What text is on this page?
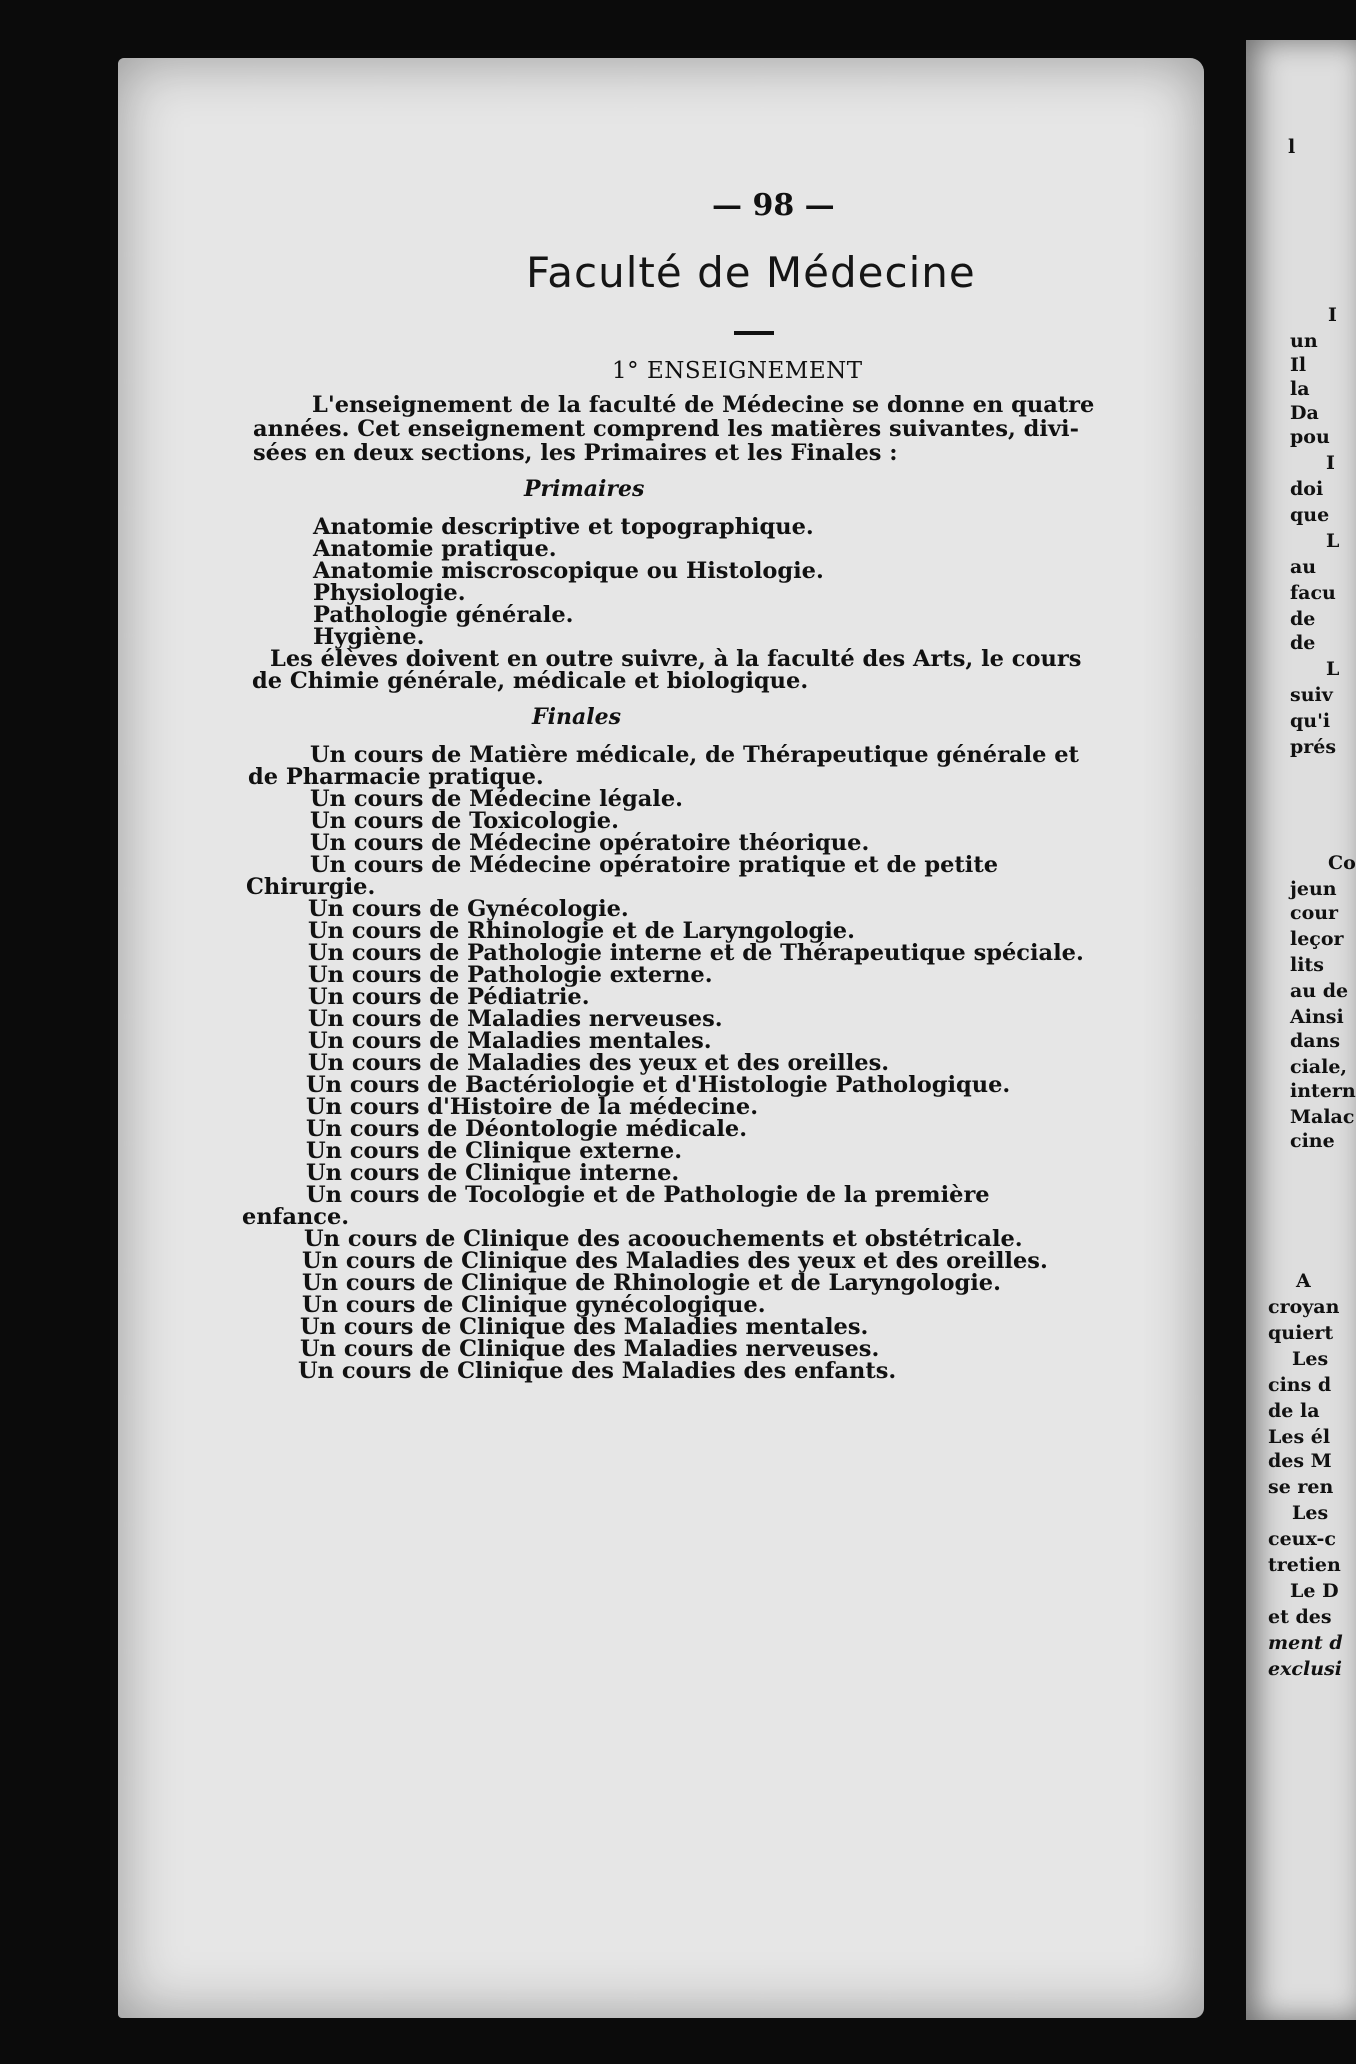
— 98 —
Faculté de Médecine
1° ENSEIGNEMENT
L'enseignement de la faculté de Médecine se donne en quatre
années. Cet enseignement comprend les matières suivantes, divi-
sées en deux sections, les Primaires et les Finales :
Primaires
Anatomie descriptive et topographique.
Anatomie pratique.
Anatomie miscroscopique ou Histologie.
Physiologie.
Pathologie générale.
Hygiène.
Les élèves doivent en outre suivre, à la faculté des Arts, le cours
de Chimie générale, médicale et biologique.
Finales
Un cours de Matière médicale, de Thérapeutique générale et
de Pharmacie pratique.
Un cours de Médecine légale.
Un cours de Toxicologie.
Un cours de Médecine opératoire théorique.
Un cours de Médecine opératoire pratique et de petite
Chirurgie.
Un cours de Gynécologie.
Un cours de Rhinologie et de Laryngologie.
Un cours de Pathologie interne et de Thérapeutique spéciale.
Un cours de Pathologie externe.
Un cours de Pédiatrie.
Un cours de Maladies nerveuses.
Un cours de Maladies mentales.
Un cours de Maladies des yeux et des oreilles.
Un cours de Bactériologie et d'Histologie Pathologique.
Un cours d'Histoire de la médecine.
Un cours de Déontologie médicale.
Un cours de Clinique externe.
Un cours de Clinique interne.
Un cours de Tocologie et de Pathologie de la première
enfance.
Un cours de Clinique des acoouchements et obstétricale.
Un cours de Clinique des Maladies des yeux et des oreilles.
Un cours de Clinique de Rhinologie et de Laryngologie.
Un cours de Clinique gynécologique.
Un cours de Clinique des Maladies mentales.
Un cours de Clinique des Maladies nerveuses.
Un cours de Clinique des Maladies des enfants.
l
I
un
Il
la
Da
pou
I
doi
que
L
au
facu
de
de
L
suiv
qu'i
prés
Co
jeun
cour
leçor
lits
au de
Ainsi
dans
ciale,
intern
Malac
cine
A
croyan
quiert
Les
cins d
de la
Les él
des M
se ren
Les
ceux-c
tretien
Le D
et des
ment d
exclusi
